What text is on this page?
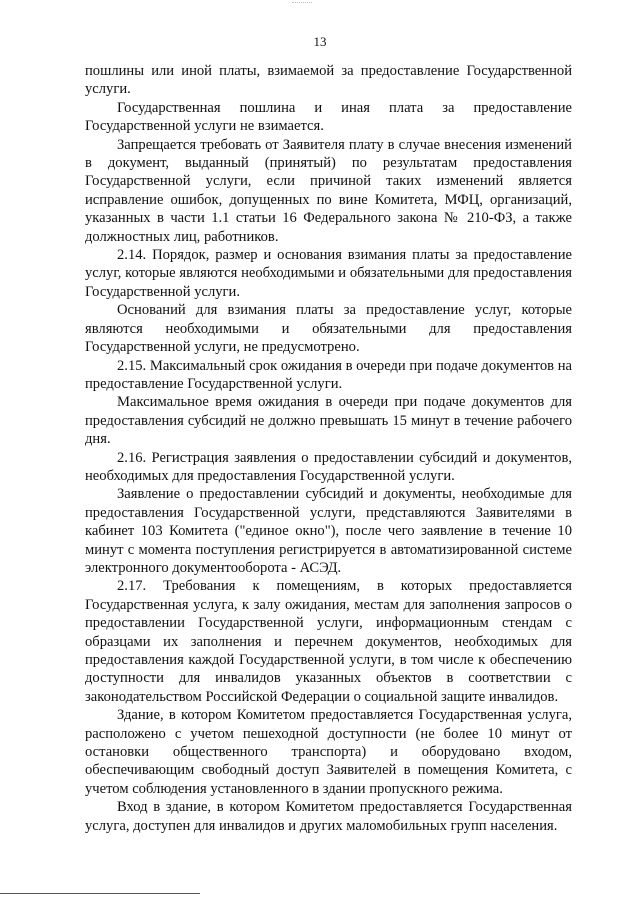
13

пошлины или иной платы, взимаемой за предоставление Государственной услуги.

Государственная пошлина и иная плата за предоставление Государственной услуги не взимается.

Запрещается требовать от Заявителя плату в случае внесения изменений в документ, выданный (принятый) по результатам предоставления Государственной услуги, если причиной таких изменений является исправление ошибок, допущенных по вине Комитета, МФЦ, организаций, указанных в части 1.1 статьи 16 Федерального закона № 210-ФЗ, а также должностных лиц, работников.

2.14. Порядок, размер и основания взимания платы за предоставление услуг, которые являются необходимыми и обязательными для предоставления Государственной услуги.

Оснований для взимания платы за предоставление услуг, которые являются необходимыми и обязательными для предоставления Государственной услуги, не предусмотрено.

2.15. Максимальный срок ожидания в очереди при подаче документов на предоставление Государственной услуги.

Максимальное время ожидания в очереди при подаче документов для предоставления субсидий не должно превышать 15 минут в течение рабочего дня.

2.16. Регистрация заявления о предоставлении субсидий и документов, необходимых для предоставления Государственной услуги.

Заявление о предоставлении субсидий и документы, необходимые для предоставления Государственной услуги, представляются Заявителями в кабинет 103 Комитета ("единое окно"), после чего заявление в течение 10 минут с момента поступления регистрируется в автоматизированной системе электронного документооборота - АСЭД.

2.17. Требования к помещениям, в которых предоставляется Государственная услуга, к залу ожидания, местам для заполнения запросов о предоставлении Государственной услуги, информационным стендам с образцами их заполнения и перечнем документов, необходимых для предоставления каждой Государственной услуги, в том числе к обеспечению доступности для инвалидов указанных объектов в соответствии с законодательством Российской Федерации о социальной защите инвалидов.

Здание, в котором Комитетом предоставляется Государственная услуга, расположено с учетом пешеходной доступности (не более 10 минут от остановки общественного транспорта) и оборудовано входом, обеспечивающим свободный доступ Заявителей в помещения Комитета, с учетом соблюдения установленного в здании пропускного режима.

Вход в здание, в котором Комитетом предоставляется Государственная услуга, доступен для инвалидов и других маломобильных групп населения.
